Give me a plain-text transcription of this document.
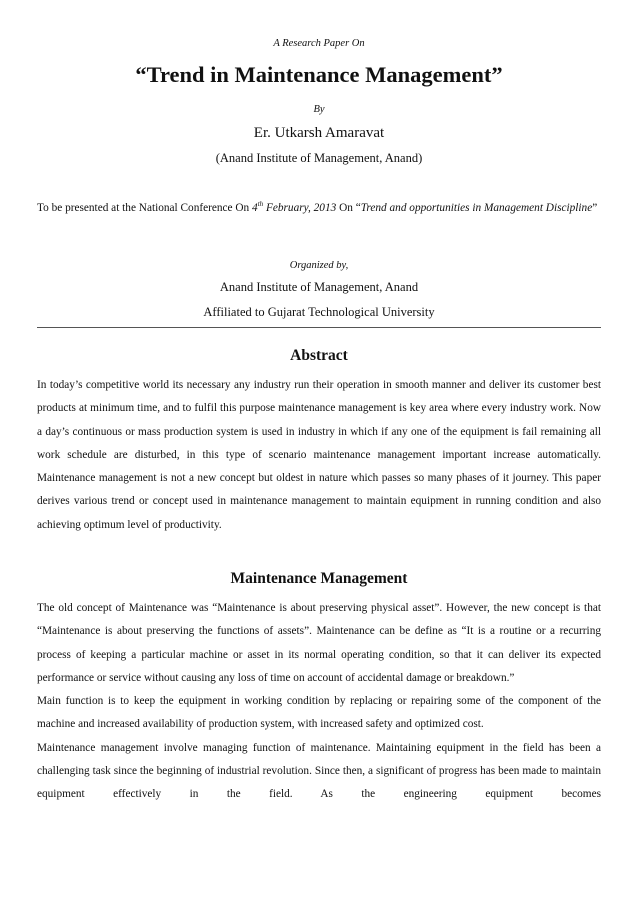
A Research Paper On
“Trend in Maintenance Management”
By
Er. Utkarsh Amaravat
(Anand Institute of Management, Anand)
To be presented at the National Conference On 4th February, 2013 On “Trend and opportunities in Management Discipline”
Organized by,
Anand Institute of Management, Anand
Affiliated to Gujarat Technological University
Abstract

In today’s competitive world its necessary any industry run their operation in smooth manner and deliver its customer best products at minimum time, and to fulfil this purpose maintenance management is key area where every industry work. Now a day’s continuous or mass production system is used in industry in which if any one of the equipment is fail remaining all work schedule are disturbed, in this type of scenario maintenance management important increase automatically. Maintenance management is not a new concept but oldest in nature which passes so many phases of it journey. This paper derives various trend or concept used in maintenance management to maintain equipment in running condition and also achieving optimum level of productivity.

Maintenance Management

The old concept of Maintenance was “Maintenance is about preserving physical asset”. However, the new concept is that “Maintenance is about preserving the functions of assets”. Maintenance can be define as “It is a routine or a recurring process of keeping a particular machine or asset in its normal operating condition, so that it can deliver its expected performance or service without causing any loss of time on account of accidental damage or breakdown.”

Main function is to keep the equipment in working condition by replacing or repairing some of the component of the machine and increased availability of production system, with increased safety and optimized cost.

Maintenance management involve managing function of maintenance. Maintaining equipment in the field has been a challenging task since the beginning of industrial revolution. Since then, a significant of progress has been made to maintain equipment effectively in the field. As the engineering equipment becomes
